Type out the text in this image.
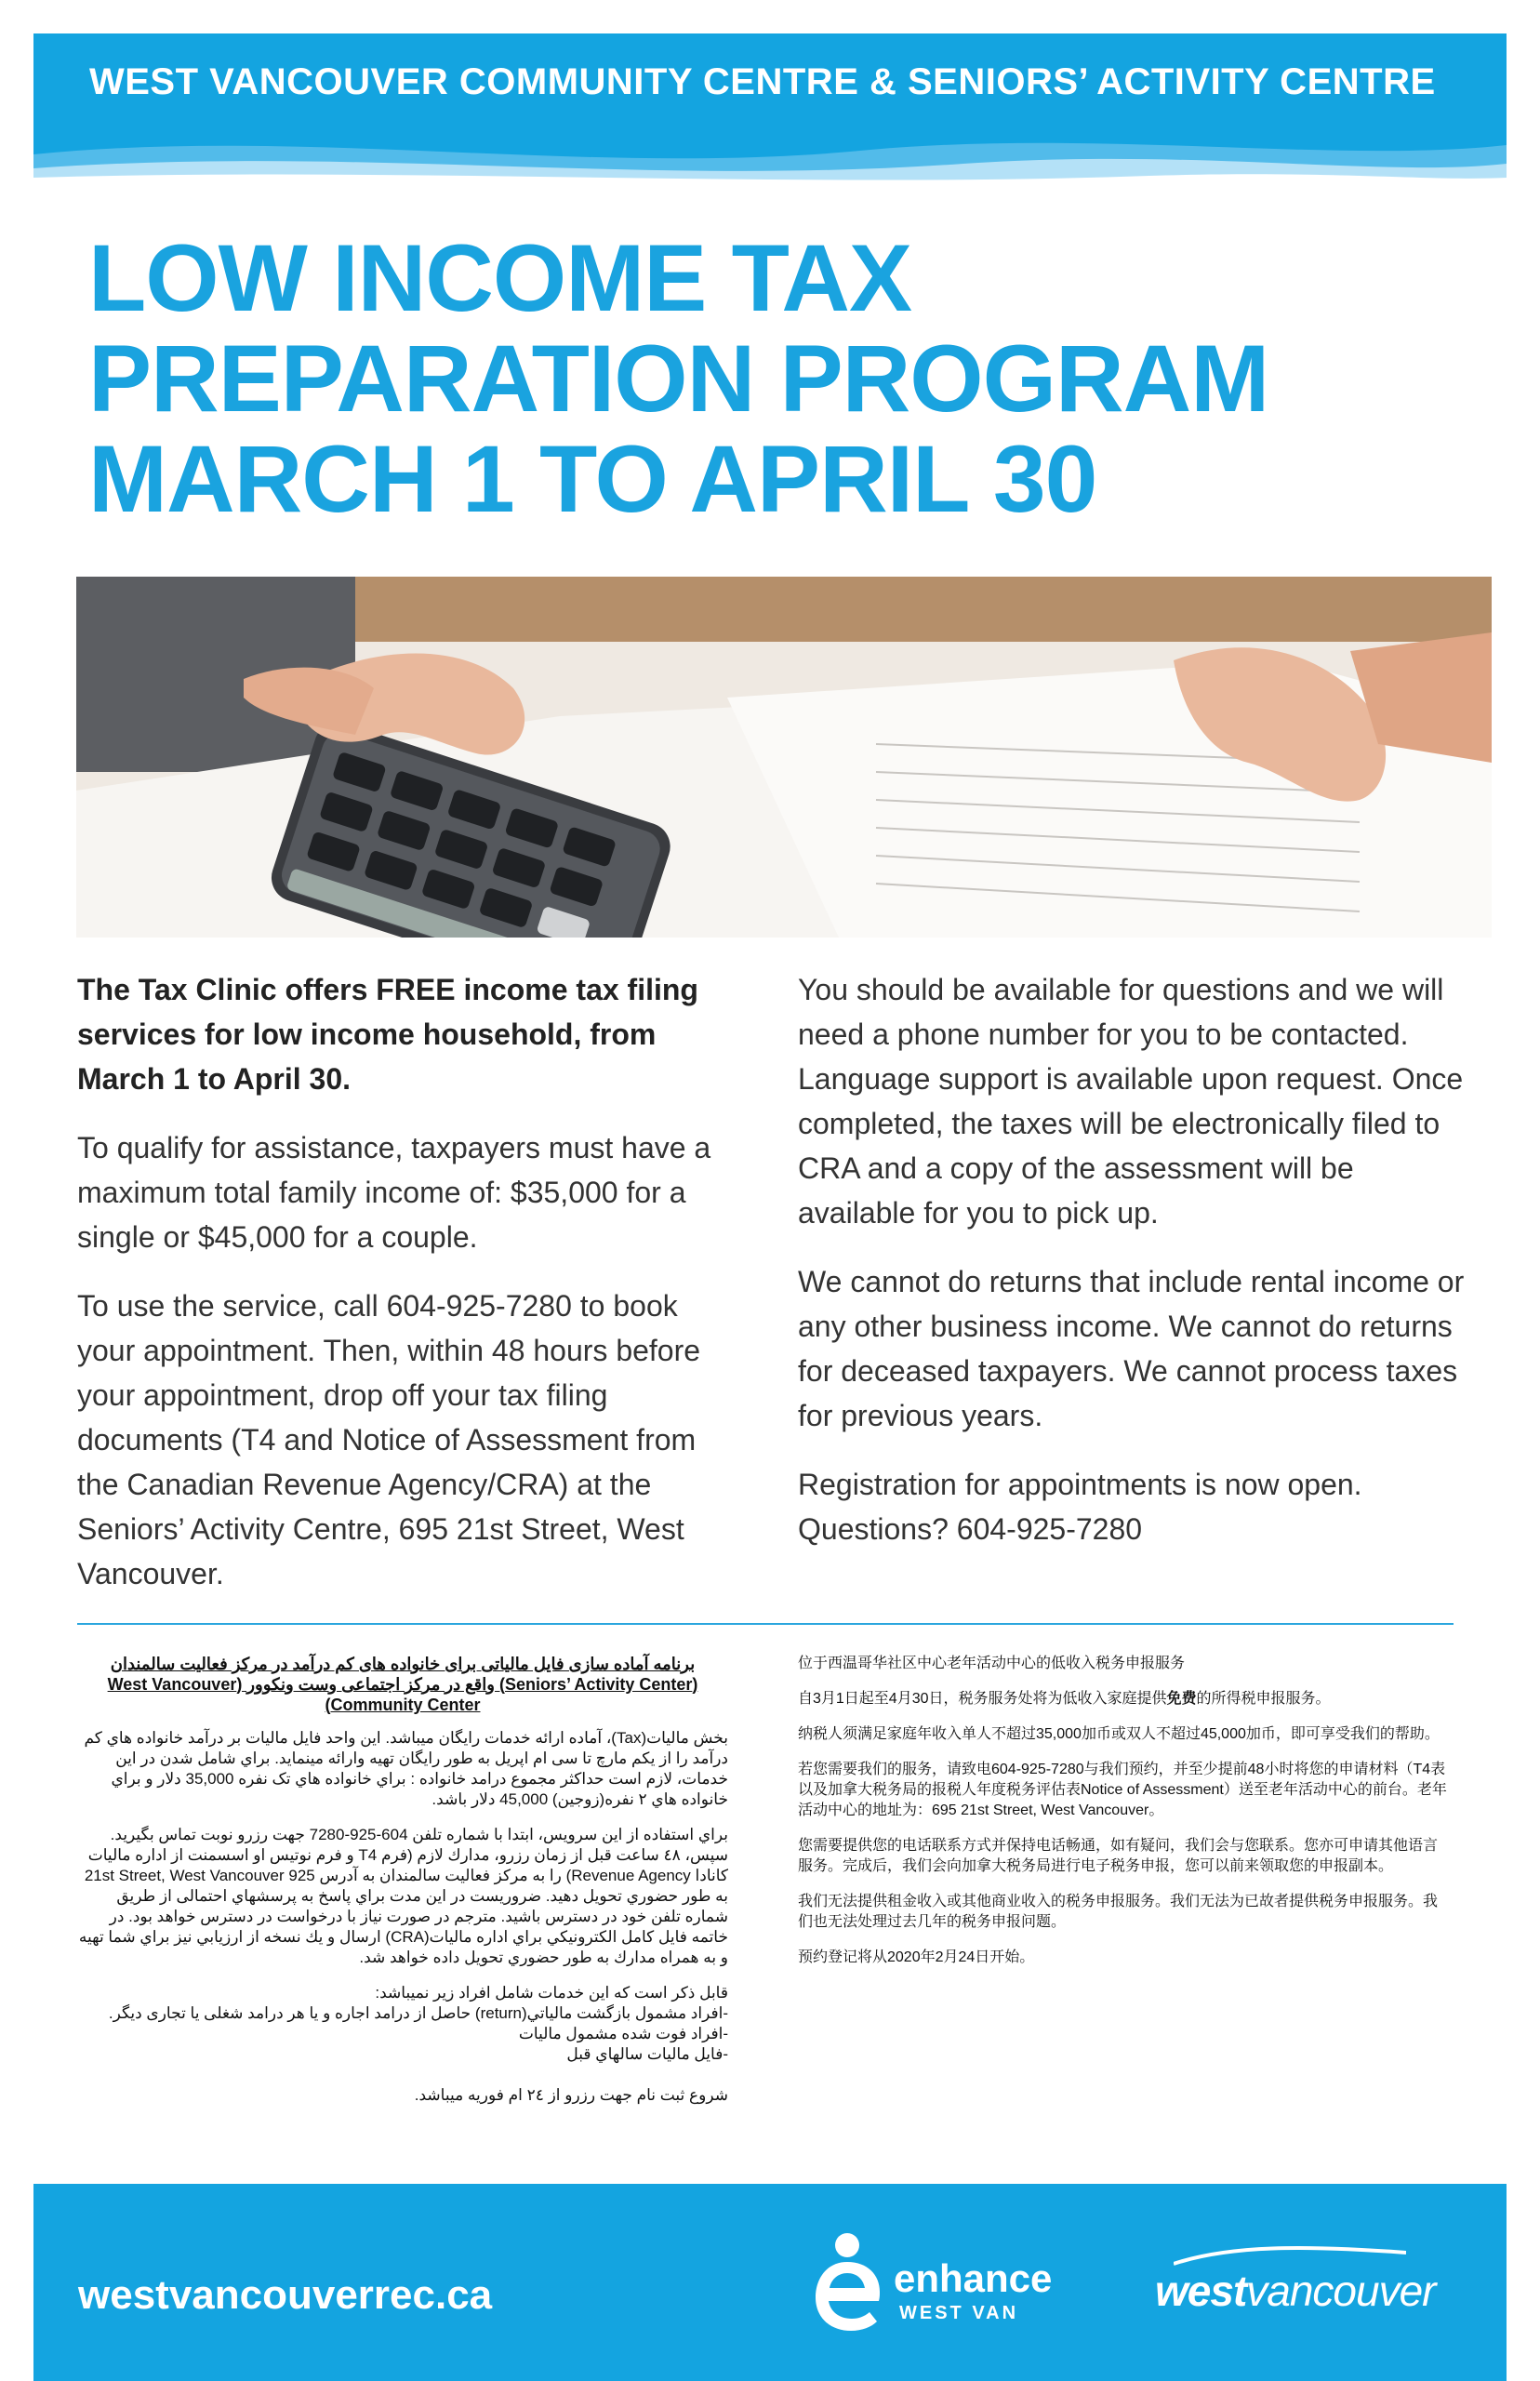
WEST VANCOUVER COMMUNITY CENTRE & SENIORS’ ACTIVITY CENTRE
LOW INCOME TAX
PREPARATION PROGRAM
MARCH 1 TO APRIL 30

The Tax Clinic offers FREE income tax filing services for low income household, from March 1 to April 30.

To qualify for assistance, taxpayers must have a maximum total family income of: $35,000 for a single or $45,000 for a couple.

To use the service, call 604-925-7280 to book your appointment. Then, within 48 hours before your appointment, drop off your tax filing documents (T4 and Notice of Assessment from the Canadian Revenue Agency/CRA) at the Seniors’ Activity Centre, 695 21st Street, West Vancouver.

You should be available for questions and we will need a phone number for you to be contacted. Language support is available upon request. Once completed, the taxes will be electronically filed to CRA and a copy of the assessment will be available for you to pick up.

We cannot do returns that include rental income or any other business income. We cannot do returns for deceased taxpayers. We cannot process taxes for previous years.

Registration for appointments is now open. Questions? 604-925-7280

برنامه آماده سازی فایل مالیاتی برای خانواده های کم درآمد در مرکز فعالیت سالمندان (Seniors’ Activity Center) واقع در مرکز اجتماعی وست ونکوور (West Vancouver Community Center)

بخش مالیات(Tax)، آماده ارائه خدمات رایگان میباشد. این واحد فایل مالیات بر درآمد خانواده هاي کم درآمد را از یکم مارچ تا سی ام اپریل به طور رایگان تهیه وارائه مینماید. براي شامل شدن در این خدمات، لازم است حداکثر مجموع درامد خانواده : براي خانواده هاي تک نفره 35,000 دلار و براي خانواده هاي ۲ نفره(زوجین) 45,000 دلار باشد.

براي استفاده از این سرویس، ابتدا با شماره تلفن 604-925-7280 جهت رزرو نوبت تماس بگیرید. سپس، ٤٨ ساعت قبل از زمان رزرو، مدارك لازم (فرم T4 و فرم نوتیس او اسسمنت از اداره مالیات کانادا Revenue Agency) را به مرکز فعالیت سالمندان به آدرس 925 21st Street, West Vancouver به طور حضوري تحویل دهید. ضروریست در این مدت براي پاسخ به پرسشهاي احتمالی از طریق شماره تلفن خود در دسترس باشید. مترجم در صورت نیاز با درخواست در دسترس خواهد بود. در خاتمه فایل کامل الکترونیکي براي اداره مالیات(CRA) ارسال و یك نسخه از ارزیابي نیز براي شما تهیه و به همراه مدارك به طور حضوري تحویل داده خواهد شد.

قابل ذکر است که این خدمات شامل افراد زیر نمیباشد:
-افراد مشمول بازگشت مالیاتي(return) حاصل از درامد اجاره و یا هر درامد شغلی یا تجاری دیگر.
-افراد فوت شده مشمول مالیات
-فایل مالیات سالهاي قبل

شروع ثبت نام جهت رزرو از ٢٤ ام فوریه میباشد.

位于西温哥华社区中心老年活动中心的低收入税务申报服务

自3月1日起至4月30日，税务服务处将为低收入家庭提供免费的所得税申报服务。

纳税人须满足家庭年收入单人不超过35,000加币或双人不超过45,000加币，即可享受我们的帮助。

若您需要我们的服务，请致电604-925-7280与我们预约，并至少提前48小时将您的申请材料（T4表以及加拿大税务局的报税人年度税务评估表Notice of Assessment）送至老年活动中心的前台。老年活动中心的地址为：695 21st Street, West Vancouver。

您需要提供您的电话联系方式并保持电话畅通，如有疑问，我们会与您联系。您亦可申请其他语言服务。完成后，我们会向加拿大税务局进行电子税务申报，您可以前来领取您的申报副本。

我们无法提供租金收入或其他商业收入的税务申报服务。我们无法为已故者提供税务申报服务。我们也无法处理过去几年的税务申报问题。

预约登记将从2020年2月24日开始。

westvancouverrec.ca	enhance
WEST VAN	westvancouver
